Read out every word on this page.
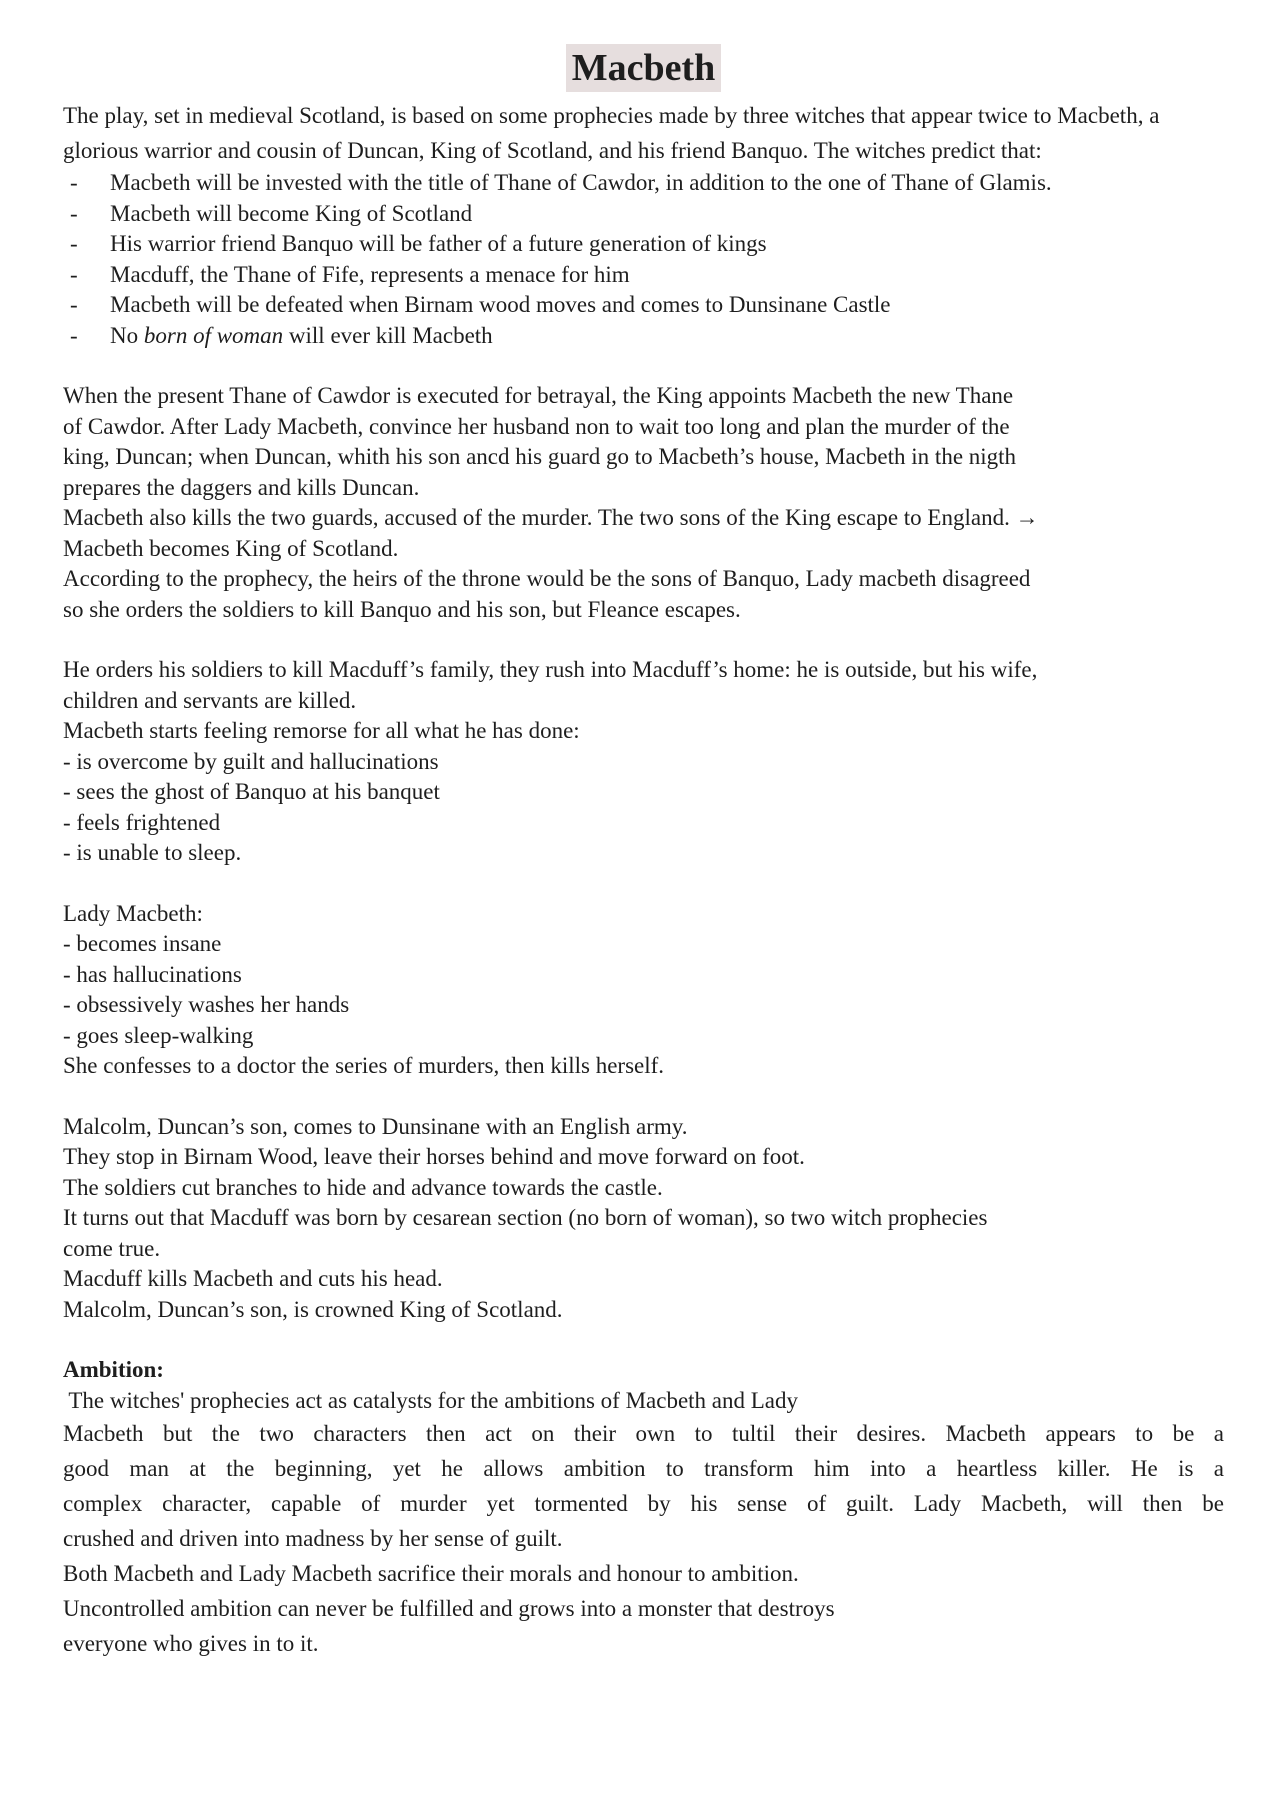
Macbeth

The play, set in medieval Scotland, is based on some prophecies made by three witches that appear twice to Macbeth, a glorious warrior and cousin of Duncan, King of Scotland, and his friend Banquo. The witches predict that:

- Macbeth will be invested with the title of Thane of Cawdor, in addition to the one of Thane of Glamis.
- Macbeth will become King of Scotland
- His warrior friend Banquo will be father of a future generation of kings
- Macduff, the Thane of Fife, represents a menace for him
- Macbeth will be defeated when Birnam wood moves and comes to Dunsinane Castle
- No born of woman will ever kill Macbeth
When the present Thane of Cawdor is executed for betrayal, the King appoints Macbeth the new Thane
of Cawdor. After Lady Macbeth, convince her husband non to wait too long and plan the murder of the
king, Duncan; when Duncan, whith his son ancd his guard go to Macbeth’s house, Macbeth in the nigth
prepares the daggers and kills Duncan.
Macbeth also kills the two guards, accused of the murder. The two sons of the King escape to England. →
Macbeth becomes King of Scotland.
According to the prophecy, the heirs of the throne would be the sons of Banquo, Lady macbeth disagreed
so she orders the soldiers to kill Banquo and his son, but Fleance escapes.
He orders his soldiers to kill Macduff’s family, they rush into Macduff’s home: he is outside, but his wife,
children and servants are killed.
Macbeth starts feeling remorse for all what he has done:
- is overcome by guilt and hallucinations
- sees the ghost of Banquo at his banquet
- feels frightened
- is unable to sleep.
Lady Macbeth:
- becomes insane
- has hallucinations
- obsessively washes her hands
- goes sleep-walking
She confesses to a doctor the series of murders, then kills herself.
Malcolm, Duncan’s son, comes to Dunsinane with an English army.
They stop in Birnam Wood, leave their horses behind and move forward on foot.
The soldiers cut branches to hide and advance towards the castle.
It turns out that Macduff was born by cesarean section (no born of woman), so two witch prophecies
come true.
Macduff kills Macbeth and cuts his head.
Malcolm, Duncan’s son, is crowned King of Scotland.
Ambition:
The witches' prophecies act as catalysts for the ambitions of Macbeth and Lady

Macbeth but the two characters then act on their own to tultil their desires. Macbeth appears to be a

good man at the beginning, yet he allows ambition to transform him into a heartless killer. He is a

complex character, capable of murder yet tormented by his sense of guilt. Lady Macbeth, will then be

crushed and driven into madness by her sense of guilt.

Both Macbeth and Lady Macbeth sacrifice their morals and honour to ambition.

Uncontrolled ambition can never be fulfilled and grows into a monster that destroys

everyone who gives in to it.
